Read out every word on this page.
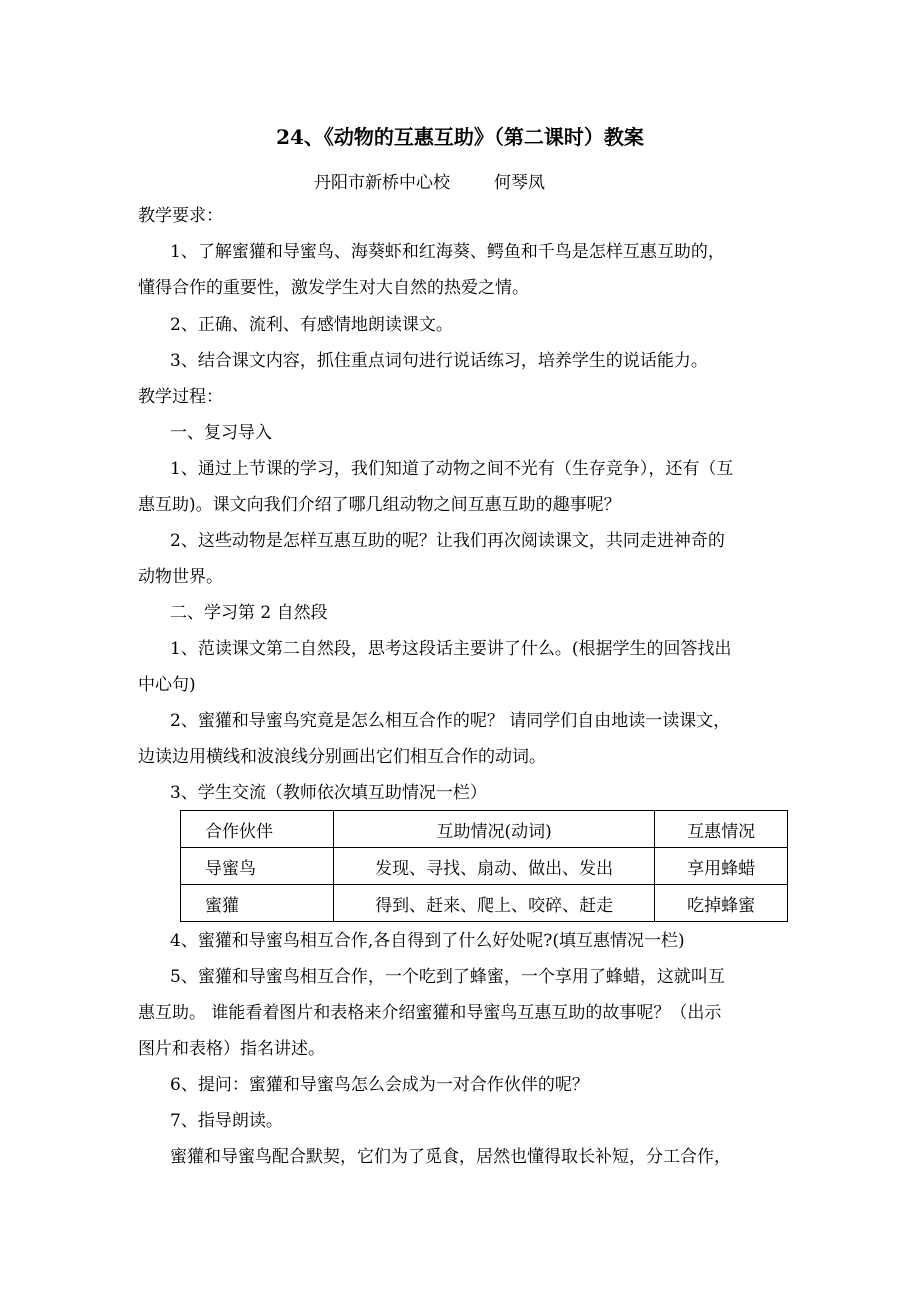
24、《动物的互惠互助》（第二课时）教案
丹阳市新桥中心校	何琴凤
教学要求：
1、了解蜜獾和导蜜鸟、海葵虾和红海葵、鳄鱼和千鸟是怎样互惠互助的，
懂得合作的重要性，激发学生对大自然的热爱之情。
2、正确、流利、有感情地朗读课文。
3、结合课文内容，抓住重点词句进行说话练习，培养学生的说话能力。
教学过程：
一、复习导入
1、通过上节课的学习，我们知道了动物之间不光有（生存竞争），还有（互
惠互助)。课文向我们介绍了哪几组动物之间互惠互助的趣事呢？
2、这些动物是怎样互惠互助的呢？让我们再次阅读课文，共同走进神奇的
动物世界。
二、学习第 2 自然段
1、范读课文第二自然段，思考这段话主要讲了什么。(根据学生的回答找出
中心句)
2、蜜獾和导蜜鸟究竟是怎么相互合作的呢？ 请同学们自由地读一读课文，
边读边用横线和波浪线分别画出它们相互合作的动词。
3、学生交流（教师依次填互助情况一栏）
合作伙伴	互助情况(动词)	互惠情况
导蜜鸟	发现、寻找、扇动、做出、发出	享用蜂蜡
蜜獾	得到、赶来、爬上、咬碎、赶走	吃掉蜂蜜
4、蜜獾和导蜜鸟相互合作,各自得到了什么好处呢?(填互惠情况一栏)
5、蜜獾和导蜜鸟相互合作，一个吃到了蜂蜜，一个享用了蜂蜡，这就叫互
惠互助。 谁能看着图片和表格来介绍蜜獾和导蜜鸟互惠互助的故事呢？（出示
图片和表格）指名讲述。
6、提问：蜜獾和导蜜鸟怎么会成为一对合作伙伴的呢？
7、指导朗读。
蜜獾和导蜜鸟配合默契，它们为了觅食，居然也懂得取长补短，分工合作，
